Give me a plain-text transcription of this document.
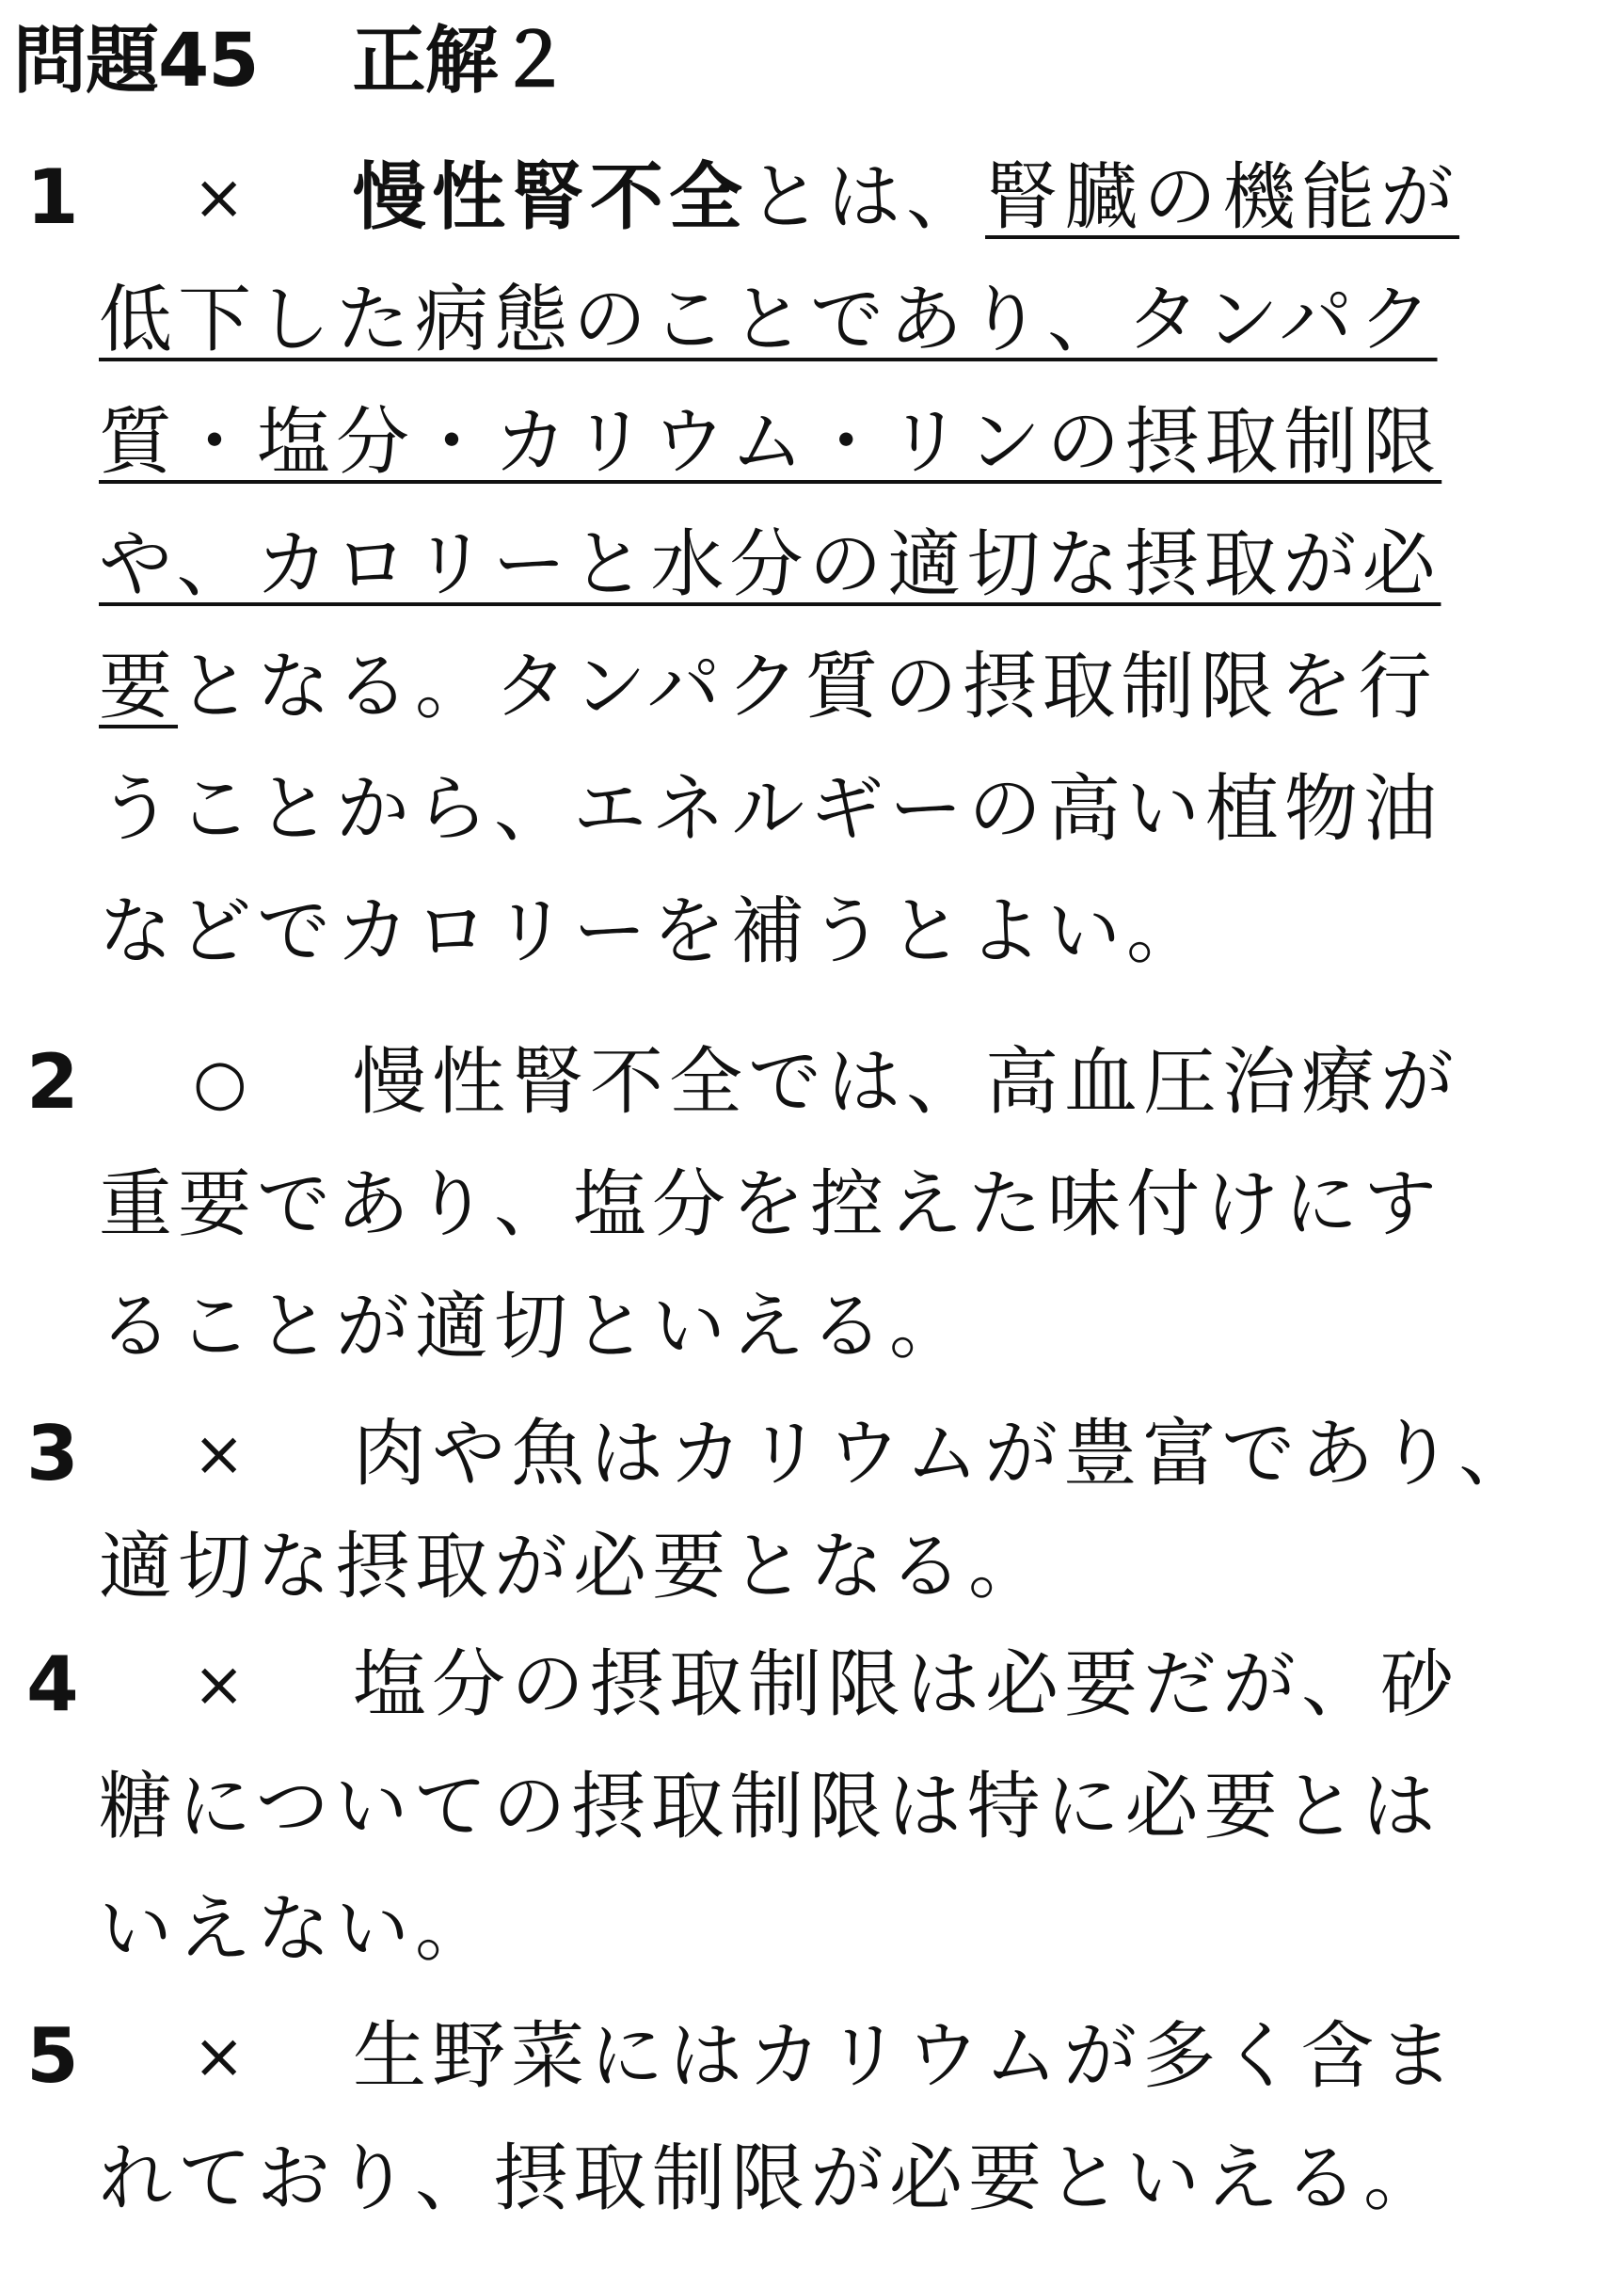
問題45 正解２
1 × 慢性腎不全とは、腎臓の機能が
低下した病態のことであり、タンパク
質・塩分・カリウム・リンの摂取制限
や、カロリーと水分の適切な摂取が必
要となる。タンパク質の摂取制限を行
うことから、エネルギーの高い植物油
などでカロリーを補うとよい。
2 ○ 慢性腎不全では、高血圧治療が
重要であり、塩分を控えた味付けにす
ることが適切といえる。
3 × 肉や魚はカリウムが豊富であり、
適切な摂取が必要となる。
4 × 塩分の摂取制限は必要だが、砂
糖についての摂取制限は特に必要とは
いえない。
5 × 生野菜にはカリウムが多く含ま
れており、摂取制限が必要といえる。
